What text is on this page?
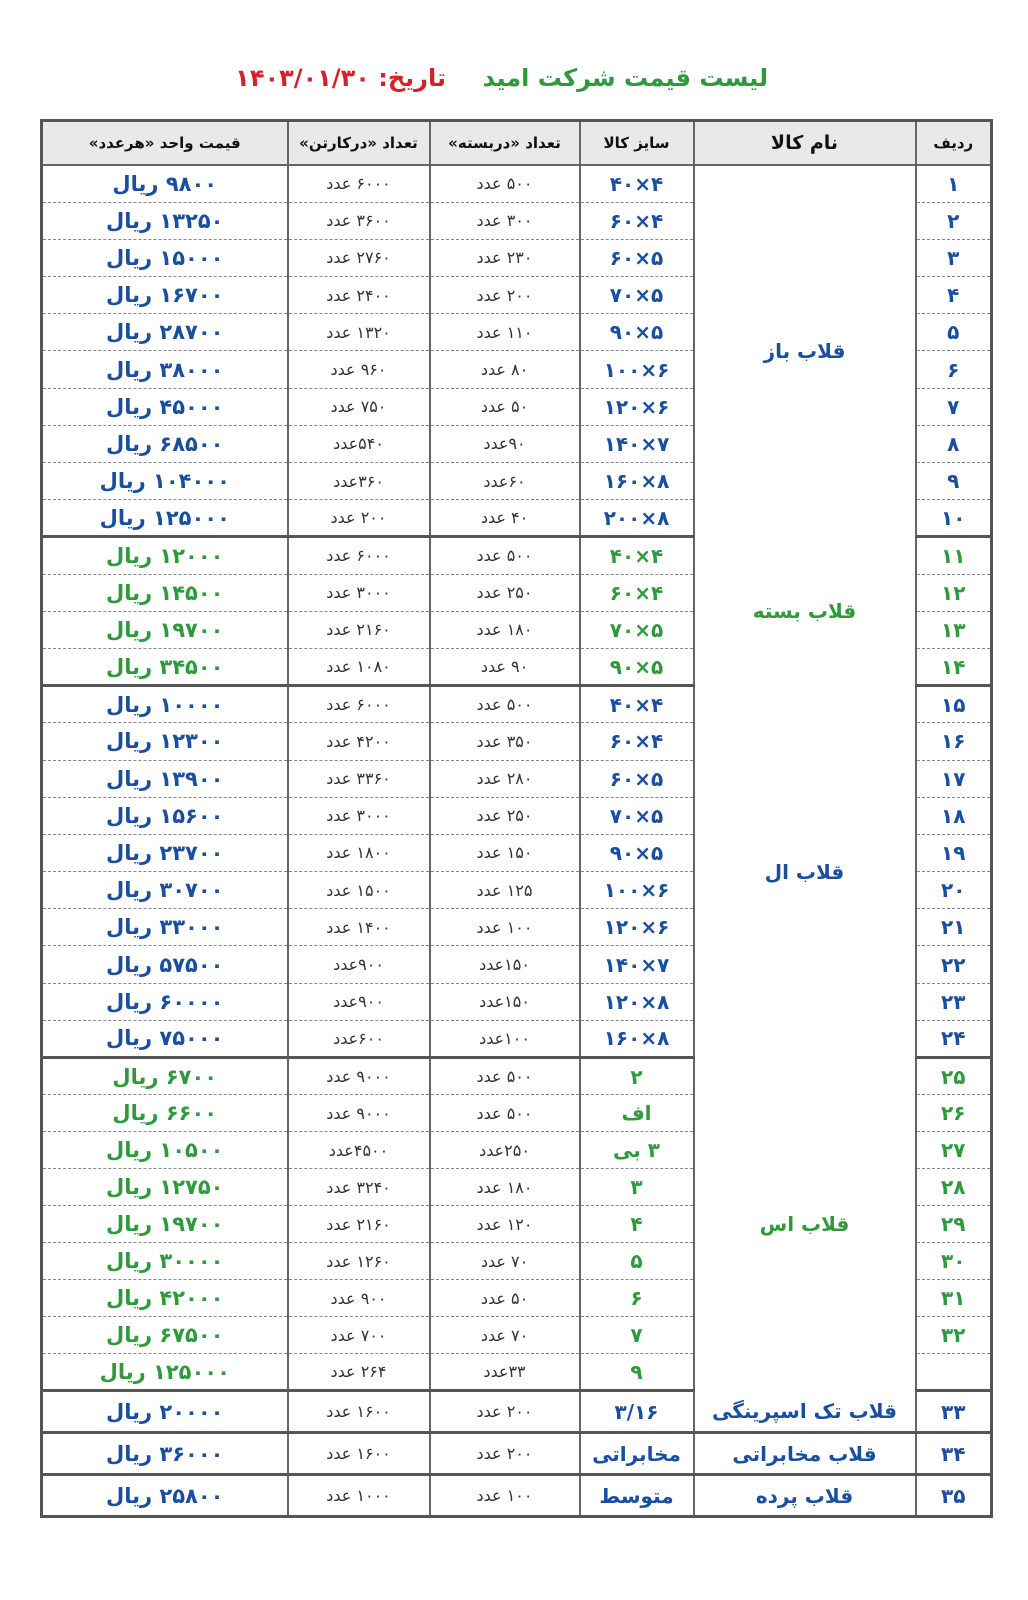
لیست قیمت شرکت امید
تاریخ: ۱۴۰۳/۰۱/۳۰
ردیف	نام کالا	سایز کالا	تعداد «دربسته»	تعداد «درکارتن»	قیمت واحد «هرعدد»
۱	قلاب باز	۴×۴۰	۵۰۰ عدد	۶۰۰۰ عدد	۹۸۰۰ ریال
۲		۴×۶۰	۳۰۰ عدد	۳۶۰۰ عدد	۱۳۲۵۰ ریال
۳		۵×۶۰	۲۳۰ عدد	۲۷۶۰ عدد	۱۵۰۰۰ ریال
۴		۵×۷۰	۲۰۰ عدد	۲۴۰۰ عدد	۱۶۷۰۰ ریال
۵		۵×۹۰	۱۱۰ عدد	۱۳۲۰ عدد	۲۸۷۰۰ ریال
۶		۶×۱۰۰	۸۰ عدد	۹۶۰ عدد	۳۸۰۰۰ ریال
۷		۶×۱۲۰	۵۰ عدد	۷۵۰ عدد	۴۵۰۰۰ ریال
۸		۷×۱۴۰	۹۰عدد	۵۴۰عدد	۶۸۵۰۰ ریال
۹		۸×۱۶۰	۶۰عدد	۳۶۰عدد	۱۰۴۰۰۰ ریال
۱۰		۸×۲۰۰	۴۰ عدد	۲۰۰ عدد	۱۲۵۰۰۰ ریال
۱۱	قلاب بسته	۴×۴۰	۵۰۰ عدد	۶۰۰۰ عدد	۱۲۰۰۰ ریال
۱۲		۴×۶۰	۲۵۰ عدد	۳۰۰۰ عدد	۱۴۵۰۰ ریال
۱۳		۵×۷۰	۱۸۰ عدد	۲۱۶۰ عدد	۱۹۷۰۰ ریال
۱۴		۵×۹۰	۹۰ عدد	۱۰۸۰ عدد	۳۴۵۰۰ ریال
۱۵	قلاب ال	۴×۴۰	۵۰۰ عدد	۶۰۰۰ عدد	۱۰۰۰۰ ریال
۱۶		۴×۶۰	۳۵۰ عدد	۴۲۰۰ عدد	۱۲۳۰۰ ریال
۱۷		۵×۶۰	۲۸۰ عدد	۳۳۶۰ عدد	۱۳۹۰۰ ریال
۱۸		۵×۷۰	۲۵۰ عدد	۳۰۰۰ عدد	۱۵۶۰۰ ریال
۱۹		۵×۹۰	۱۵۰ عدد	۱۸۰۰ عدد	۲۳۷۰۰ ریال
۲۰		۶×۱۰۰	۱۲۵ عدد	۱۵۰۰ عدد	۳۰۷۰۰ ریال
۲۱		۶×۱۲۰	۱۰۰ عدد	۱۴۰۰ عدد	۳۳۰۰۰ ریال
۲۲		۷×۱۴۰	۱۵۰عدد	۹۰۰عدد	۵۷۵۰۰ ریال
۲۳		۸×۱۲۰	۱۵۰عدد	۹۰۰عدد	۶۰۰۰۰ ریال
۲۴		۸×۱۶۰	۱۰۰عدد	۶۰۰عدد	۷۵۰۰۰ ریال
۲۵	قلاب اس	۲	۵۰۰ عدد	۹۰۰۰ عدد	۶۷۰۰ ریال
۲۶		اف	۵۰۰ عدد	۹۰۰۰ عدد	۶۶۰۰ ریال
۲۷		۳ بی	۲۵۰عدد	۴۵۰۰عدد	۱۰۵۰۰ ریال
۲۸		۳	۱۸۰ عدد	۳۲۴۰ عدد	۱۲۷۵۰ ریال
۲۹		۴	۱۲۰ عدد	۲۱۶۰ عدد	۱۹۷۰۰ ریال
۳۰		۵	۷۰ عدد	۱۲۶۰ عدد	۳۰۰۰۰ ریال
۳۱		۶	۵۰ عدد	۹۰۰ عدد	۴۲۰۰۰ ریال
۳۲		۷	۷۰ عدد	۷۰۰ عدد	۶۷۵۰۰ ریال
		۹	۳۳عدد	۲۶۴ عدد	۱۲۵۰۰۰ ریال
۳۳	قلاب تک اسپرینگی	۳/۱۶	۲۰۰ عدد	۱۶۰۰ عدد	۲۰۰۰۰ ریال
۳۴	قلاب مخابراتی	مخابراتی	۲۰۰ عدد	۱۶۰۰ عدد	۳۶۰۰۰ ریال
۳۵	قلاب پرده	متوسط	۱۰۰ عدد	۱۰۰۰ عدد	۲۵۸۰۰ ریال
